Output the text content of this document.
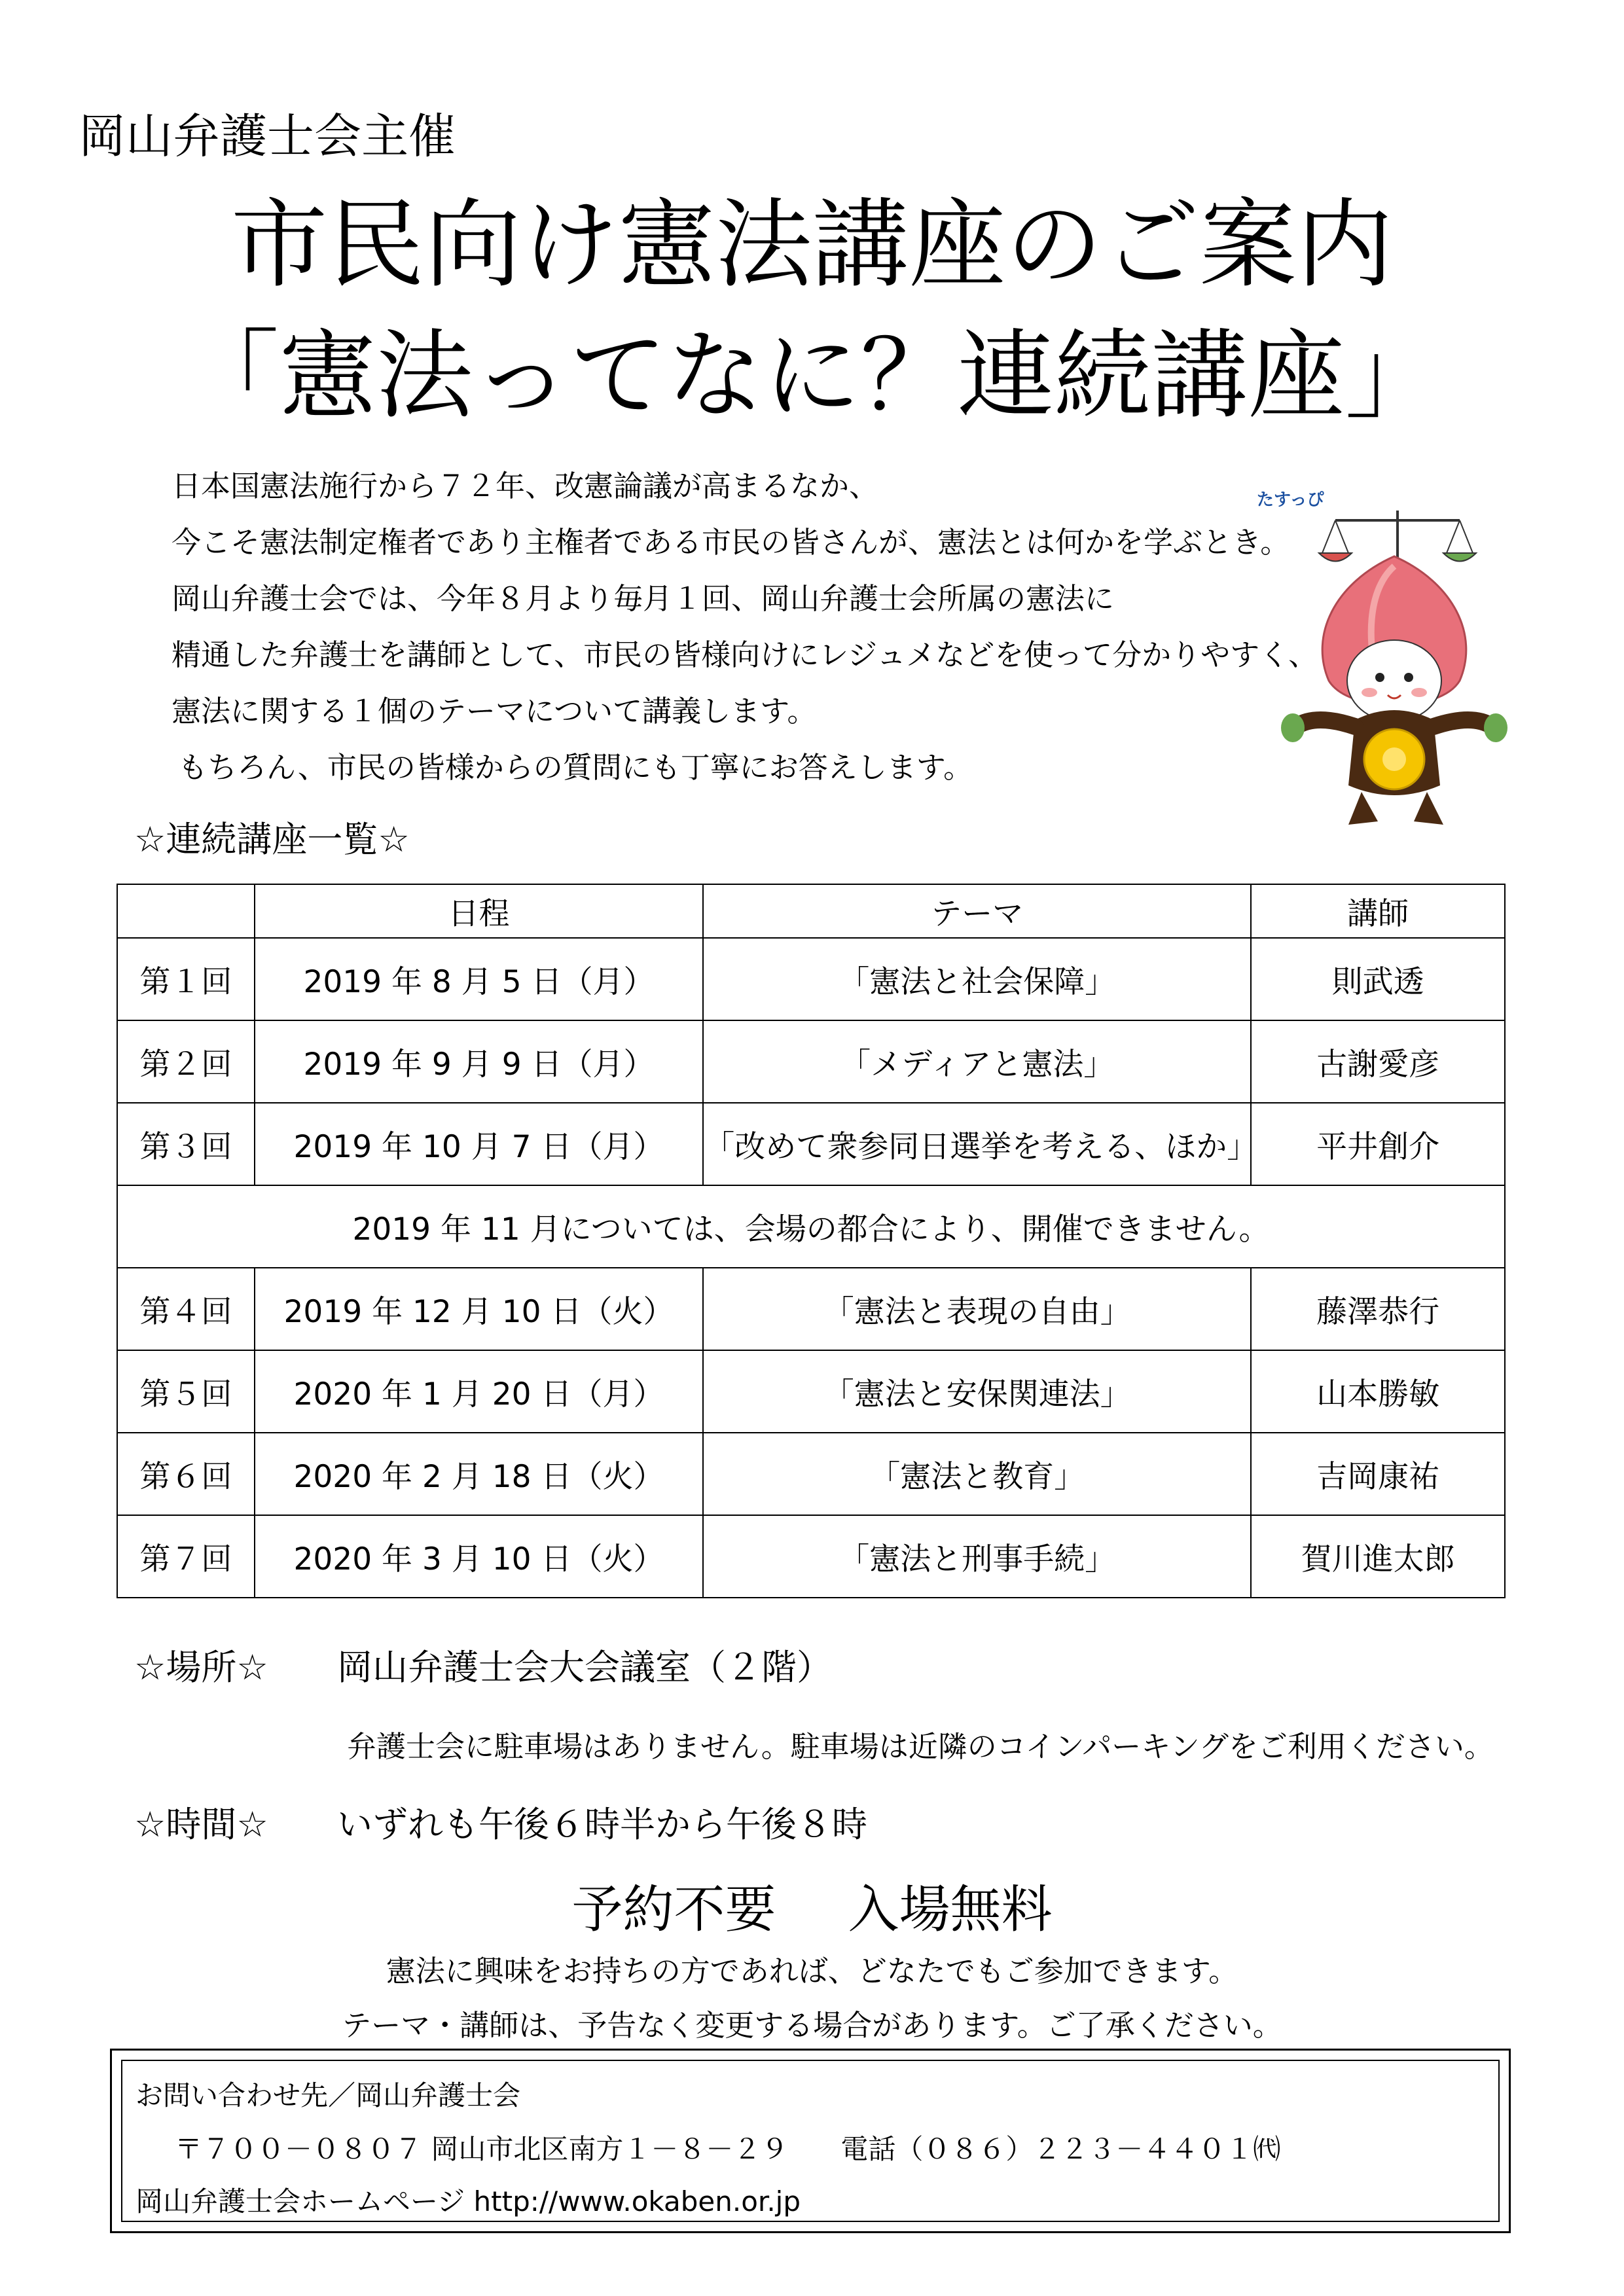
岡山弁護士会主催
市民向け憲法講座のご案内
「憲法ってなに？連続講座」
日本国憲法施行から７２年、改憲論議が高まるなか、
今こそ憲法制定権者であり主権者である市民の皆さんが、憲法とは何かを学ぶとき。
岡山弁護士会では、今年８月より毎月１回、岡山弁護士会所属の憲法に
精通した弁護士を講師として、市民の皆様向けにレジュメなどを使って分かりやすく、
憲法に関する１個のテーマについて講義します。
もちろん、市民の皆様からの質問にも丁寧にお答えします。
たすっぴ
☆連続講座一覧☆
	日程	テーマ	講師
第１回	2019 年 8 月 5 日（月）	「憲法と社会保障」	則武透
第２回	2019 年 9 月 9 日（月）	「メディアと憲法」	古謝愛彦
第３回	2019 年 10 月 7 日（月）	「改めて衆参同日選挙を考える、ほか」	平井創介
2019 年 11 月については、会場の都合により、開催できません。			
第４回	2019 年 12 月 10 日（火）	「憲法と表現の自由」	藤澤恭行
第５回	2020 年 1 月 20 日（月）	「憲法と安保関連法」	山本勝敏
第６回	2020 年 2 月 18 日（火）	「憲法と教育」	吉岡康祐
第７回	2020 年 3 月 10 日（火）	「憲法と刑事手続」	賀川進太郎
☆場所☆ 岡山弁護士会大会議室（２階）
弁護士会に駐車場はありません。駐車場は近隣のコインパーキングをご利用ください。
☆時間☆ いずれも午後６時半から午後８時
予約不要 入場無料
憲法に興味をお持ちの方であれば、どなたでもご参加できます。
テーマ・講師は、予告なく変更する場合があります。ご了承ください。
お問い合わせ先／岡山弁護士会
〒７００－０８０７ 岡山市北区南方１－８－２９ 電話（０８６）２２３－４４０１㈹
岡山弁護士会ホームページ http://www.okaben.or.jp
